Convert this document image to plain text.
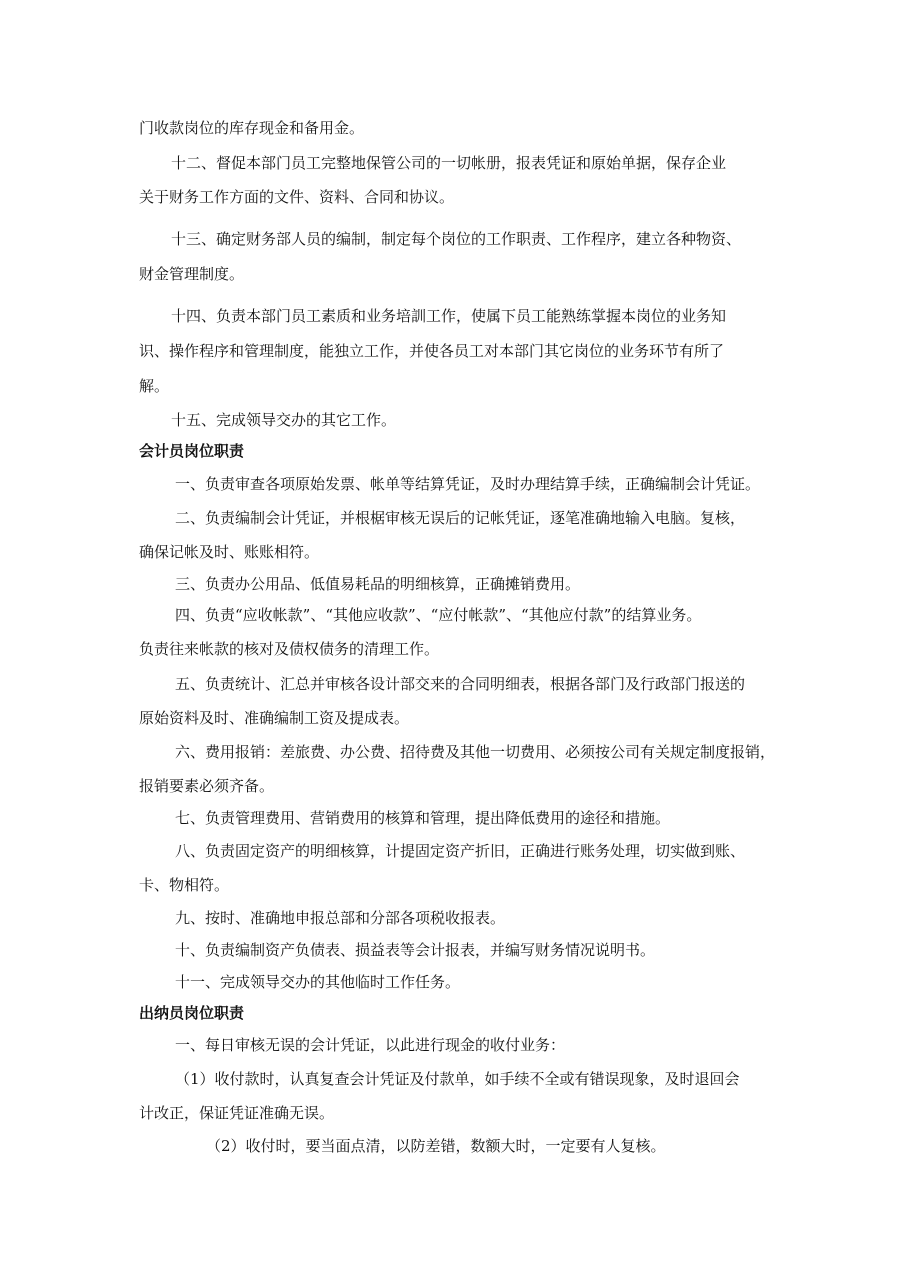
门收款岗位的库存现金和备用金。
十二、督促本部门员工完整地保管公司的一切帐册，报表凭证和原始单据，保存企业
关于财务工作方面的文件、资料、合同和协议。
十三、确定财务部人员的编制，制定每个岗位的工作职责、工作程序，建立各种物资、
财金管理制度。
十四、负责本部门员工素质和业务培訓工作，使属下员工能熟练掌握本岗位的业务知
识、操作程序和管理制度，能独立工作，并使各员工对本部门其它岗位的业务环节有所了
解。
十五、完成领导交办的其它工作。
会计员岗位职责
一、负责审查各项原始发票、帐单等结算凭证，及时办理结算手续，正确编制会计凭证。
二、负责编制会计凭证，并根椐审核无误后的记帐凭证，逐笔准确地输入电脑。复核，
确保记帐及时、账账相符。
三、负责办公用品、低值易耗品的明细核算，正确摊销费用。
四、负责“应收帐款”、“其他应收款”、“应付帐款”、“其他应付款”的结算业务。
负责往来帐款的核对及债权债务的清理工作。
五、负责统计、汇总并审核各设计部交来的合同明细表，根据各部门及行政部门报送的
原始资料及时、准确编制工资及提成表。
六、费用报销：差旅费、办公费、招待费及其他一切费用、必须按公司有关规定制度报销，
报销要素必须齐备。
七、负责管理费用、营销费用的核算和管理，提出降低费用的途径和措施。
八、负责固定资产的明细核算，计提固定资产折旧，正确进行账务处理，切实做到账、
卡、物相符。
九、按时、准确地申报总部和分部各项税收报表。
十、负责编制资产负债表、损益表等会计报表，并编写财务情况说明书。
十一、完成领导交办的其他临时工作任务。
出纳员岗位职责
一、每日审核无误的会计凭证，以此进行现金的收付业务：
（1）收付款时，认真复查会计凭证及付款单，如手续不全或有错误现象，及时退回会
计改正，保证凭证准确无误。
（2）收付时，要当面点清，以防差错，数额大时，一定要有人复核。
